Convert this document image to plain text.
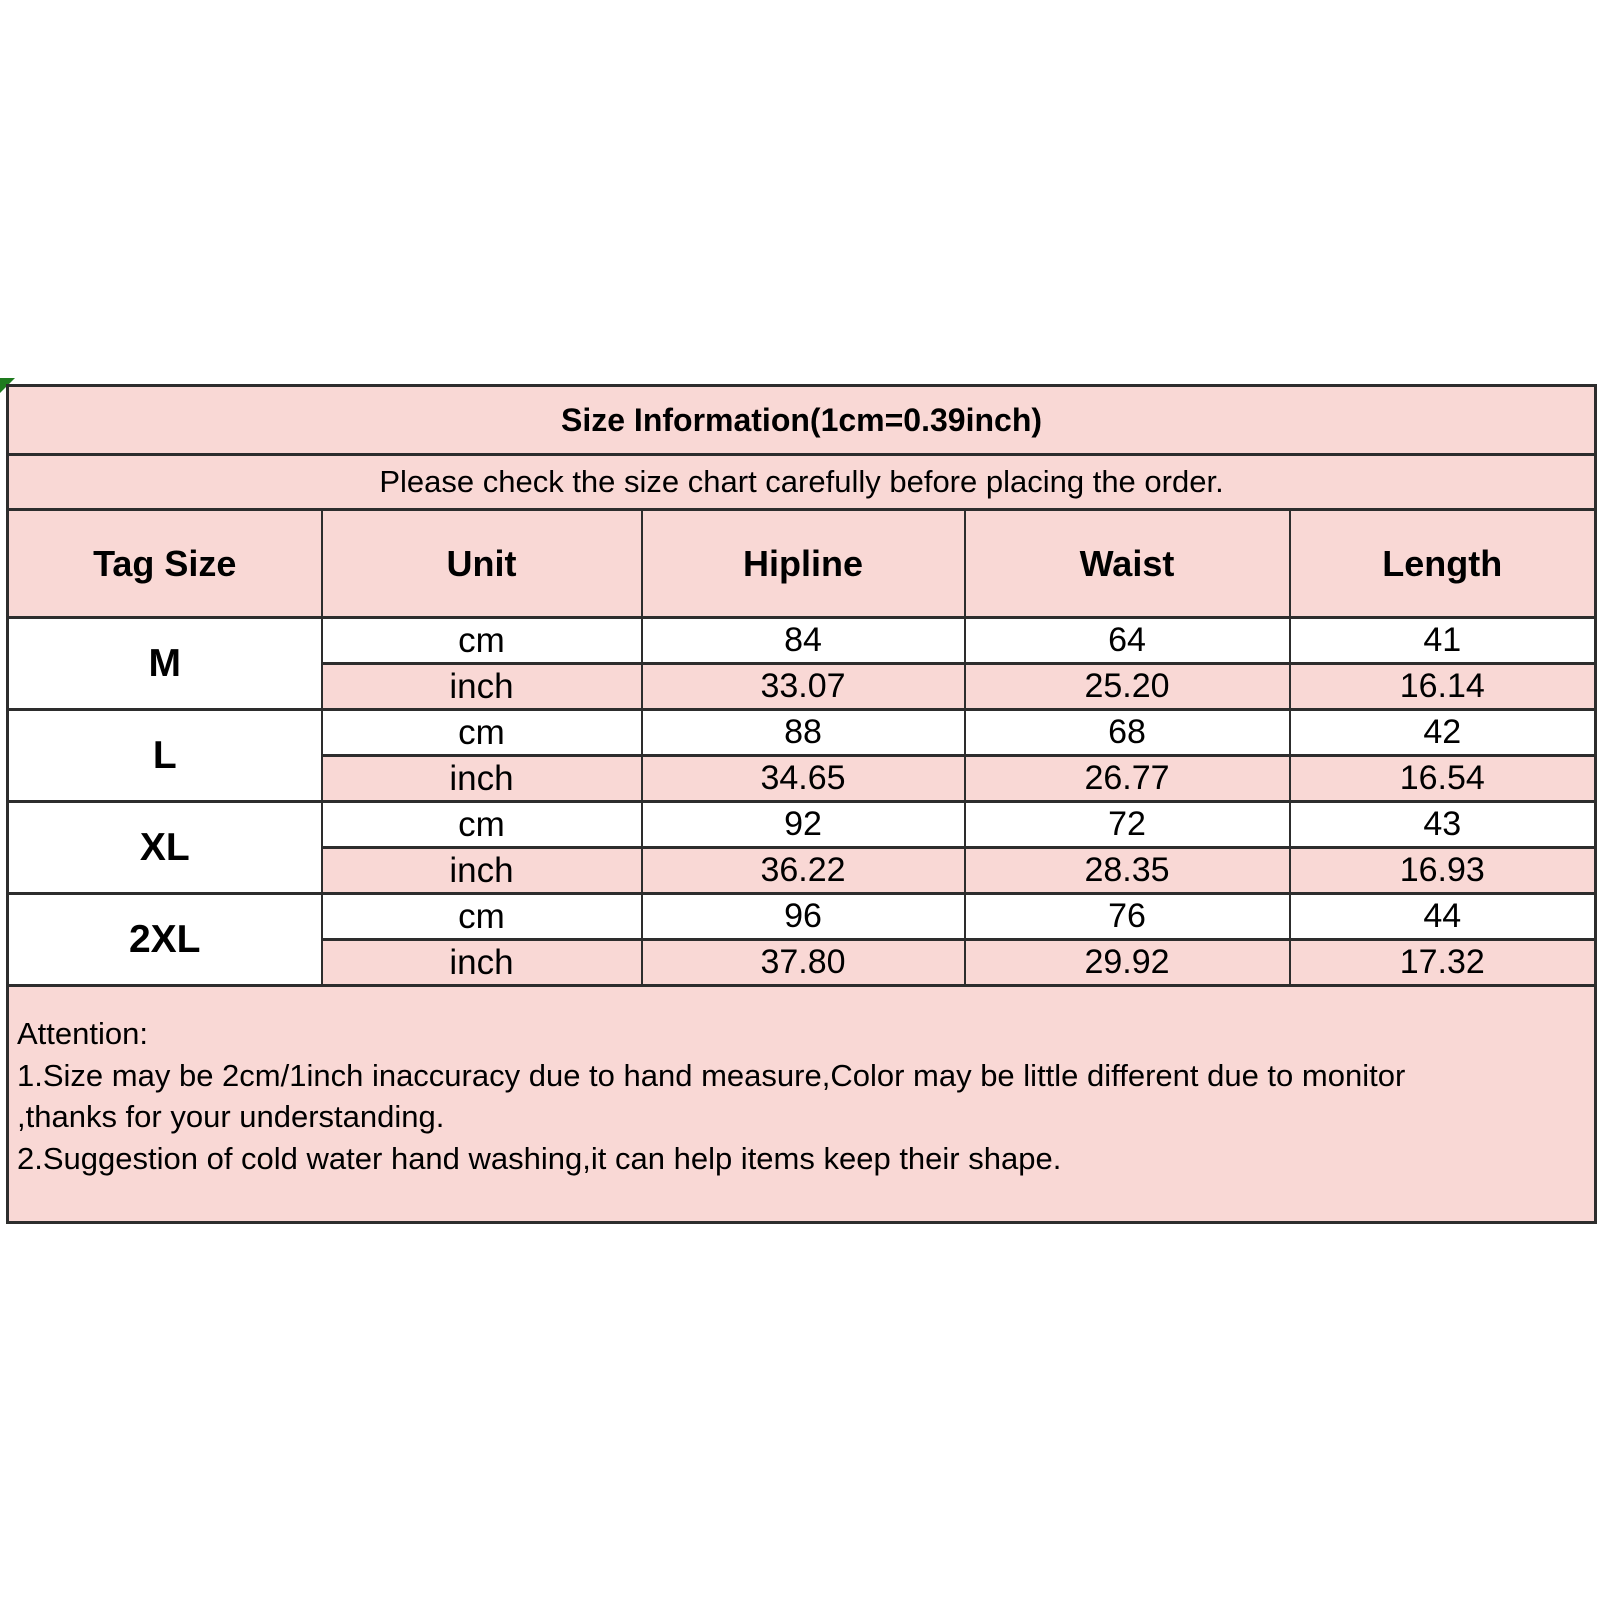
Size Information(1cm=0.39inch)				
Please check the size chart carefully before placing the order.				
Tag Size	Unit	Hipline	Waist	Length
M	cm	84	64	41
	inch	33.07	25.20	16.14
L	cm	88	68	42
	inch	34.65	26.77	16.54
XL	cm	92	72	43
	inch	36.22	28.35	16.93
2XL	cm	96	76	44
	inch	37.80	29.92	17.32

Attention:

1.Size may be 2cm/1inch inaccuracy due to hand measure,Color may be little different due to monitor

,thanks for your understanding.

2.Suggestion of cold water hand washing,it can help items keep their shape.				
